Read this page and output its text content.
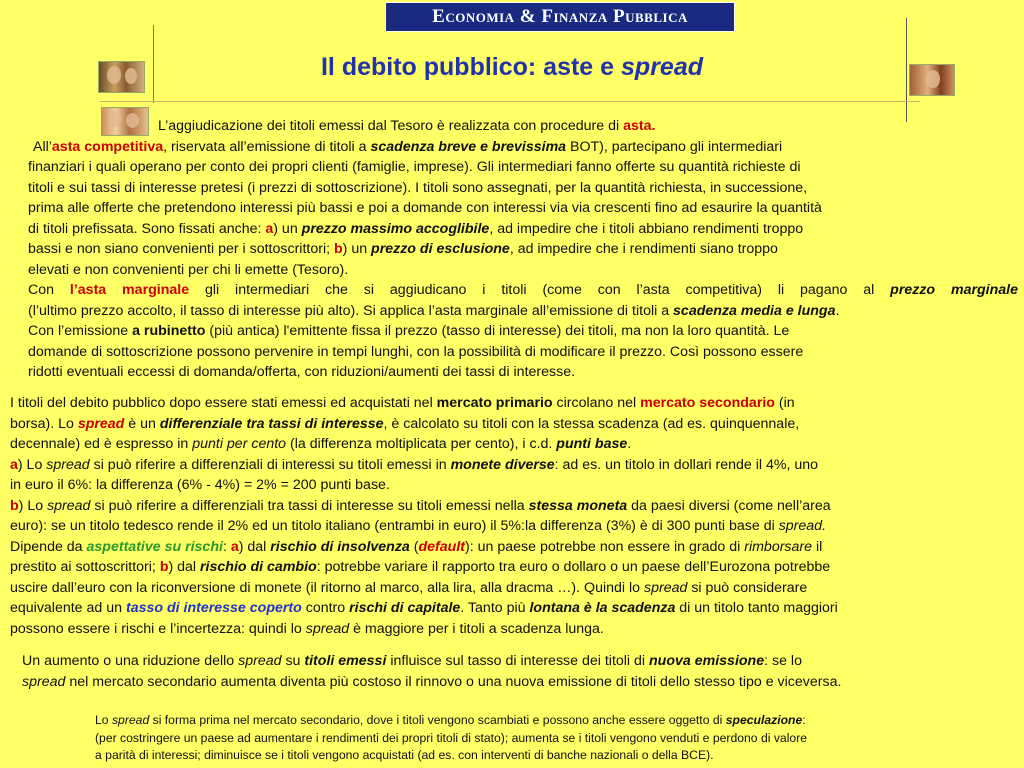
Economia & Finanza Pubblica
Il debito pubblico: aste e spread

L’aggiudicazione dei titoli emessi dal Tesoro è realizzata con procedure di asta.

All’asta competitiva, riservata all’emissione di titoli a scadenza breve e brevissima BOT), partecipano gli intermediari

finanziari i quali operano per conto dei propri clienti (famiglie, imprese). Gli intermediari fanno offerte su quantità richieste di

titoli e sui tassi di interesse pretesi (i prezzi di sottoscrizione). I titoli sono assegnati, per la quantità richiesta, in successione,

prima alle offerte che pretendono interessi più bassi e poi a domande con interessi via via crescenti fino ad esaurire la quantità

di titoli prefissata. Sono fissati anche: a) un prezzo massimo accoglibile, ad impedire che i titoli abbiano rendimenti troppo

bassi e non siano convenienti per i sottoscrittori; b) un prezzo di esclusione, ad impedire che i rendimenti siano troppo

elevati e non convenienti per chi li emette (Tesoro).

Con l’asta marginale gli intermediari che si aggiudicano i titoli (come con l’asta competitiva) li pagano al prezzo marginale

(l’ultimo prezzo accolto, il tasso di interesse più alto). Si applica l’asta marginale all’emissione di titoli a scadenza media e lunga.

Con l’emissione a rubinetto (più antica) l'emittente fissa il prezzo (tasso di interesse) dei titoli, ma non la loro quantità. Le

domande di sottoscrizione possono pervenire in tempi lunghi, con la possibilità di modificare il prezzo. Così possono essere

ridotti eventuali eccessi di domanda/offerta, con riduzioni/aumenti dei tassi di interesse.

I titoli del debito pubblico dopo essere stati emessi ed acquistati nel mercato primario circolano nel mercato secondario (in

borsa). Lo spread è un differenziale tra tassi di interesse, è calcolato su titoli con la stessa scadenza (ad es. quinquennale,

decennale) ed è espresso in punti per cento (la differenza moltiplicata per cento), i c.d. punti base.

a) Lo spread si può riferire a differenziali di interessi su titoli emessi in monete diverse: ad es. un titolo in dollari rende il 4%, uno

in euro il 6%: la differenza (6% - 4%) = 2% = 200 punti base.

b) Lo spread si può riferire a differenziali tra tassi di interesse su titoli emessi nella stessa moneta da paesi diversi (come nell’area

euro): se un titolo tedesco rende il 2% ed un titolo italiano (entrambi in euro) il 5%:la differenza (3%) è di 300 punti base di spread.

Dipende da aspettative su rischi: a) dal rischio di insolvenza (default): un paese potrebbe non essere in grado di rimborsare il

prestito ai sottoscrittori; b) dal rischio di cambio: potrebbe variare il rapporto tra euro o dollaro o un paese dell’Eurozona potrebbe

uscire dall’euro con la riconversione di monete (il ritorno al marco, alla lira, alla dracma …). Quindi lo spread si può considerare

equivalente ad un tasso di interesse coperto contro rischi di capitale. Tanto più lontana è la scadenza di un titolo tanto maggiori

possono essere i rischi e l’incertezza: quindi lo spread è maggiore per i titoli a scadenza lunga.

Un aumento o una riduzione dello spread su titoli emessi influisce sul tasso di interesse dei titoli di nuova emissione: se lo

spread nel mercato secondario aumenta diventa più costoso il rinnovo o una nuova emissione di titoli dello stesso tipo e viceversa.

Lo spread si forma prima nel mercato secondario, dove i titoli vengono scambiati e possono anche essere oggetto di speculazione:

(per costringere un paese ad aumentare i rendimenti dei propri titoli di stato); aumenta se i titoli vengono venduti e perdono di valore

a parità di interessi; diminuisce se i titoli vengono acquistati (ad es. con interventi di banche nazionali o della BCE).
